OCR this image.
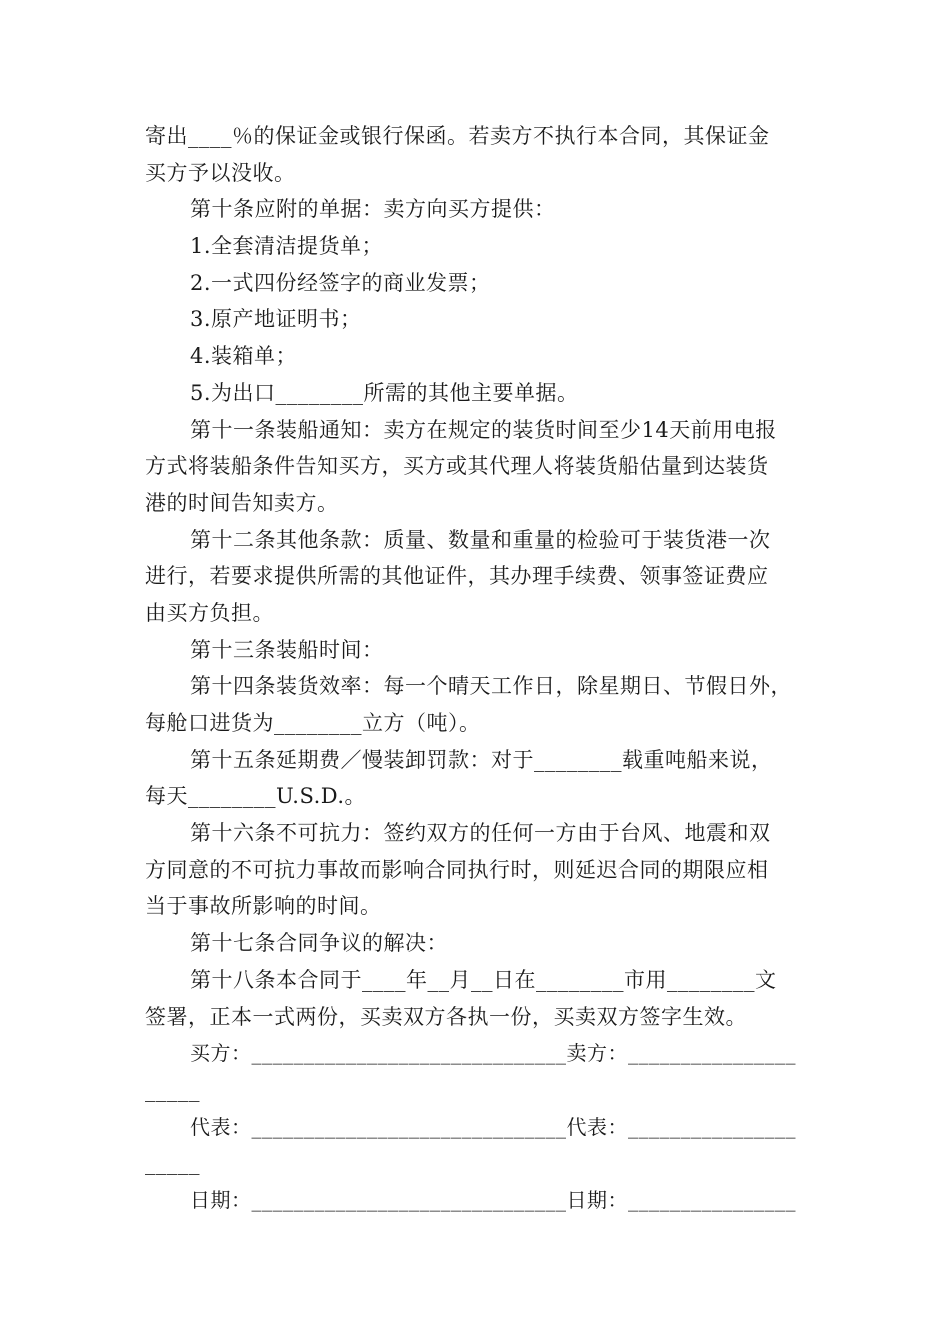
寄出____％的保证金或银行保函。若卖方不执行本合同，其保证金
买方予以没收。
第十条应附的单据：卖方向买方提供：
1.全套清洁提货单；
2.一式四份经签字的商业发票；
3.原产地证明书；
4.装箱单；
5.为出口________所需的其他主要单据。
第十一条装船通知：卖方在规定的装货时间至少14天前用电报
方式将装船条件告知买方，买方或其代理人将装货船估量到达装货
港的时间告知卖方。
第十二条其他条款：质量、数量和重量的检验可于装货港一次
进行，若要求提供所需的其他证件，其办理手续费、领事签证费应
由买方负担。
第十三条装船时间：
第十四条装货效率：每一个晴天工作日，除星期日、节假日外，
每舱口进货为________立方（吨）。
第十五条延期费／慢装卸罚款：对于________载重吨船来说，
每天________U.S.D.。
第十六条不可抗力：签约双方的任何一方由于台风、地震和双
方同意的不可抗力事故而影响合同执行时，则延迟合同的期限应相
当于事故所影响的时间。
第十七条合同争议的解决：
第十八条本合同于____年__月__日在________市用________文
签署，正本一式两份，买卖双方各执一份，买卖双方签字生效。
买方：______________________________卖方：________________
_____
代表：______________________________代表：________________
_____
日期：______________________________日期：________________
